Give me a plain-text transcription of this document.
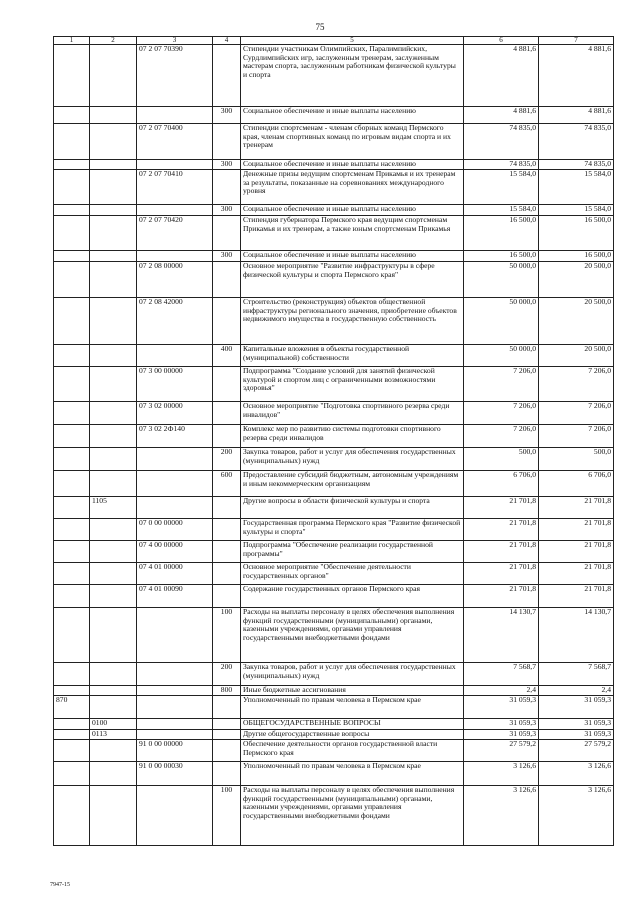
75
1	2	3	4	5	6	7
		07 2 07 70390		Стипендии участникам Олимпийских, Паралимпийских, Сурдлимпийских игр, заслуженным тренерам, заслуженным мастерам спорта, заслуженным работникам физической культуры и спорта	4 881,6	4 881,6
			300	Социальное обеспечение и иные выплаты населению	4 881,6	4 881,6
		07 2 07 70400		Стипендии спортсменам - членам сборных команд Пермского края, членам спортивных команд по игровым видам спорта и их тренерам	74 835,0	74 835,0
			300	Социальное обеспечение и иные выплаты населению	74 835,0	74 835,0
		07 2 07 70410		Денежные призы ведущим спортсменам Прикамья и их тренерам за результаты, показанные на соревнованиях международного уровня	15 584,0	15 584,0
			300	Социальное обеспечение и иные выплаты населению	15 584,0	15 584,0
		07 2 07 70420		Стипендия губернатора Пермского края ведущим спортсменам Прикамья и их тренерам, а также юным спортсменам Прикамья	16 500,0	16 500,0
			300	Социальное обеспечение и иные выплаты населению	16 500,0	16 500,0
		07 2 08 00000		Основное мероприятие "Развитие инфраструктуры в сфере физической культуры и спорта Пермского края"	50 000,0	20 500,0
		07 2 08 42000		Строительство (реконструкция) объектов общественной инфраструктуры регионального значения, приобретение объектов недвижимого имущества в государственную собственность	50 000,0	20 500,0
			400	Капитальные вложения в объекты государственной (муниципальной) собственности	50 000,0	20 500,0
		07 3 00 00000		Подпрограмма "Создание условий для занятий физической культурой и спортом лиц с ограниченными возможностями здоровья"	7 206,0	7 206,0
		07 3 02 00000		Основное мероприятие "Подготовка спортивного резерва среди инвалидов"	7 206,0	7 206,0
		07 3 02 2Ф140		Комплекс мер по развитию системы подготовки спортивного резерва среди инвалидов	7 206,0	7 206,0
			200	Закупка товаров, работ и услуг для обеспечения государственных (муниципальных) нужд	500,0	500,0
			600	Предоставление субсидий бюджетным, автономным учреждениям и иным некоммерческим организациям	6 706,0	6 706,0
	1105			Другие вопросы в области физической культуры и спорта	21 701,8	21 701,8
		07 0 00 00000		Государственная программа Пермского края "Развитие физической культуры и спорта"	21 701,8	21 701,8
		07 4 00 00000		Подпрограмма "Обеспечение реализации государственной программы"	21 701,8	21 701,8
		07 4 01 00000		Основное мероприятие "Обеспечение деятельности государственных органов"	21 701,8	21 701,8
		07 4 01 00090		Содержание государственных органов Пермского края	21 701,8	21 701,8
			100	Расходы на выплаты персоналу в целях обеспечения выполнения функций государственными (муниципальными) органами, казенными учреждениями, органами управления государственными внебюджетными фондами	14 130,7	14 130,7
			200	Закупка товаров, работ и услуг для обеспечения государственных (муниципальных) нужд	7 568,7	7 568,7
			800	Иные бюджетные ассигнования	2,4	2,4
870				Уполномоченный по правам человека в Пермском крае	31 059,3	31 059,3
	0100			ОБЩЕГОСУДАРСТВЕННЫЕ ВОПРОСЫ	31 059,3	31 059,3
	0113			Другие общегосударственные вопросы	31 059,3	31 059,3
		91 0 00 00000		Обеспечение деятельности органов государственной власти Пермского края	27 579,2	27 579,2
		91 0 00 00030		Уполномоченный по правам человека в Пермском крае	3 126,6	3 126,6
			100	Расходы на выплаты персоналу в целях обеспечения выполнения функций государственными (муниципальными) органами, казенными учреждениями, органами управления государственными внебюджетными фондами	3 126,6	3 126,6
7947-15
